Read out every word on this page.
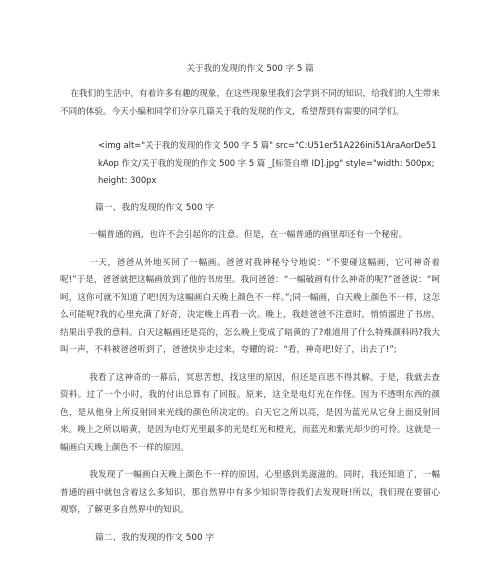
关于我的发现的作文 500 字 5 篇

在我们的生活中，有着许多有趣的现象，在这些现象里我们会学到不同的知识，给我们的人生带来不同的体验。今天小编和同学们分享几篇关于我的发现的作文，希望帮到有需要的同学们。

<img alt="关于我的发现的作文 500 字 5 篇" src="C:U51er51A226ini51AraAorDe51kAop 作文/关于我的发现的作文 500 字 5 篇 _[标签自增 ID].jpg" style="width: 500px; height: 300px

篇一、我的发现的作文 500 字

一幅普通的画，也许不会引起你的注意。但是，在一幅普通的画里却还有一个秘密。

一天，爸爸从外地买回了一幅画。爸爸对我神秘兮兮地说：“不要碰这幅画，它可神奇着呢!”于是，爸爸就把这幅画放到了他的书房里。我问爸爸：“一幅破画有什么神奇的呢?”爸爸说：“呵呵，这你可就不知道了吧!因为这幅画白天晚上颜色不一样。”;同一幅画，白天晚上颜色不一样，这怎么可能呢?我的心里充满了好奇，决定晚上再看一次。晚上，我趁爸爸不注意时，悄悄溜进了书房。结果出乎我的意料。白天这幅画还是亮的，怎么晚上变成了暗黄的了?难道用了什么特殊颜料吗?我大叫一声，不料被爸爸听到了，爸爸快步走过来，夸耀的说：“看，神奇吧!好了，出去了!”;

我看了这神奇的一幕后，冥思苦想，找这里的原因，但还是百思不得其解。于是，我就去查资料。过了一个小时，我的付出总算有了回报。原来，这全是电灯光在作怪。因为不透明东西的颜色，是从他身上所反射回来光线的颜色所决定的。白天它之所以亮，是因为蓝光从它身上面反射回来。晚上之所以暗黄，是因为电灯光里最多的光是红光和橙光，而蓝光和紫光却少的可怜。这就是一幅画白天晚上颜色不一样的原因。

我发现了一幅画白天晚上颜色不一样的原因，心里感到美滋滋的。同时，我还知道了，一幅普通的画中就包含着这么多知识，那自然界中有多少知识等待我们去发现呀!所以，我们现在要留心观察，了解更多自然界中的知识。

篇二、我的发现的作文 500 字
